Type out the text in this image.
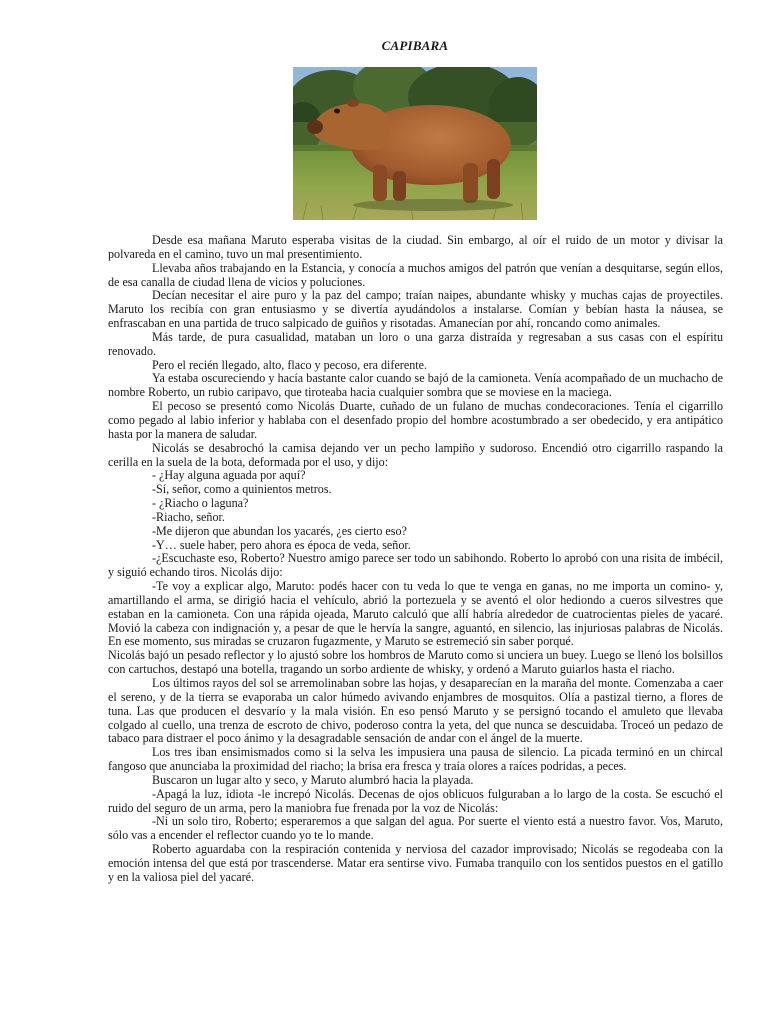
CAPIBARA

Desde esa mañana Maruto esperaba visitas de la ciudad. Sin embargo, al oír el ruido de un motor y divisar la polvareda en el camino, tuvo un mal presentimiento.

Llevaba años trabajando en la Estancia, y conocía a muchos amigos del patrón que venían a desquitarse, según ellos, de esa canalla de ciudad llena de vicios y poluciones.

Decían necesitar el aire puro y la paz del campo; traían naipes, abundante whisky y muchas cajas de proyectiles. Maruto los recibía con gran entusiasmo y se divertía ayudándolos a instalarse. Comían y bebían hasta la náusea, se enfrascaban en una partida de truco salpicado de guiños y risotadas. Amanecían por ahí, roncando como animales.

Más tarde, de pura casualidad, mataban un loro o una garza distraída y regresaban a sus casas con el espíritu renovado.

Pero el recién llegado, alto, flaco y pecoso, era diferente.

Ya estaba oscureciendo y hacía bastante calor cuando se bajó de la camioneta. Venía acompañado de un muchacho de nombre Roberto, un rubio caripavo, que tiroteaba hacia cualquier sombra que se moviese en la maciega.

El pecoso se presentó como Nicolás Duarte, cuñado de un fulano de muchas condecoraciones. Tenía el cigarrillo como pegado al labio inferior y hablaba con el desenfado propio del hombre acostumbrado a ser obedecido, y era antipático hasta por la manera de saludar.

Nicolás se desabrochó la camisa dejando ver un pecho lampiño y sudoroso. Encendió otro cigarrillo raspando la cerilla en la suela de la bota, deformada por el uso, y dijo:

- ¿Hay alguna aguada por aquí?

-Sí, señor, como a quinientos metros.

- ¿Riacho o laguna?

-Riacho, señor.

-Me dijeron que abundan los yacarés, ¿es cierto eso?

-Y… suele haber, pero ahora es época de veda, señor.

-¿Escuchaste eso, Roberto? Nuestro amigo parece ser todo un sabihondo. Roberto lo aprobó con una risita de imbécil, y siguió echando tiros. Nicolás dijo:

-Te voy a explicar algo, Maruto: podés hacer con tu veda lo que te venga en ganas, no me importa un comino- y, amartillando el arma, se dirigió hacia el vehículo, abrió la portezuela y se aventó el olor hediondo a cueros silvestres que estaban en la camioneta. Con una rápida ojeada, Maruto calculó que allí habría alrededor de cuatrocientas pieles de yacaré. Movió la cabeza con indignación y, a pesar de que le hervía la sangre, aguantó, en silencio, las injuriosas palabras de Nicolás. En ese momento, sus miradas se cruzaron fugazmente, y Maruto se estremeció sin saber porqué.

Nicolás bajó un pesado reflector y lo ajustó sobre los hombros de Maruto como si unciera un buey. Luego se llenó los bolsillos con cartuchos, destapó una botella, tragando un sorbo ardiente de whisky, y ordenó a Maruto guiarlos hasta el riacho.

Los últimos rayos del sol se arremolinaban sobre las hojas, y desaparecían en la maraña del monte. Comenzaba a caer el sereno, y de la tierra se evaporaba un calor húmedo avivando enjambres de mosquitos. Olía a pastizal tierno, a flores de tuna. Las que producen el desvarío y la mala visión. En eso pensó Maruto y se persignó tocando el amuleto que llevaba colgado al cuello, una trenza de escroto de chivo, poderoso contra la yeta, del que nunca se descuidaba. Troceó un pedazo de tabaco para distraer el poco ánimo y la desagradable sensación de andar con el ángel de la muerte.

Los tres iban ensimismados como si la selva les impusiera una pausa de silencio. La picada terminó en un chircal fangoso que anunciaba la proximidad del riacho; la brisa era fresca y traía olores a raíces podridas, a peces.

Buscaron un lugar alto y seco, y Maruto alumbró hacia la playada.

-Apagá la luz, idiota -le increpó Nicolás. Decenas de ojos oblicuos fulguraban a lo largo de la costa. Se escuchó el ruido del seguro de un arma, pero la maniobra fue frenada por la voz de Nicolás:

-Ni un solo tiro, Roberto; esperaremos a que salgan del agua. Por suerte el viento está a nuestro favor. Vos, Maruto, sólo vas a encender el reflector cuando yo te lo mande.

Roberto aguardaba con la respiración contenida y nerviosa del cazador improvisado; Nicolás se regodeaba con la emoción intensa del que está por trascenderse. Matar era sentirse vivo. Fumaba tranquilo con los sentidos puestos en el gatillo y en la valiosa piel del yacaré.
